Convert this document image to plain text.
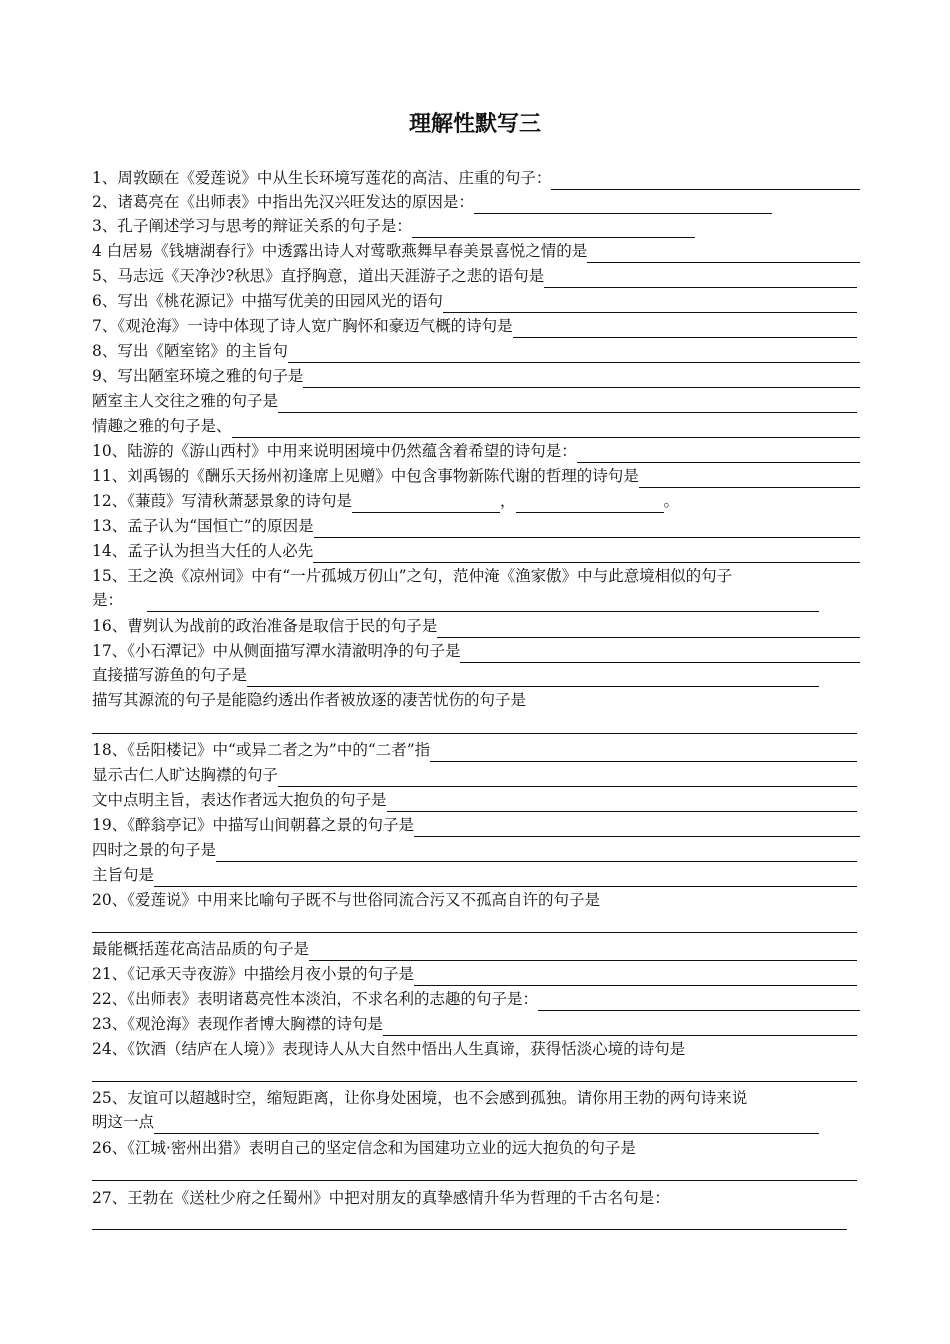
理解性默写三
1、周敦颐在《爱莲说》中从生长环境写莲花的高洁、庄重的句子：
2、诸葛亮在《出师表》中指出先汉兴旺发达的原因是：
3、孔子阐述学习与思考的辩证关系的句子是：
4 白居易《钱塘湖春行》中透露出诗人对莺歌燕舞早春美景喜悦之情的是
5、马志远《天净沙?秋思》直抒胸意，道出天涯游子之悲的语句是
6、写出《桃花源记》中描写优美的田园风光的语句
7、《观沧海》一诗中体现了诗人宽广胸怀和豪迈气概的诗句是
8、写出《陋室铭》的主旨句
9、写出陋室环境之雅的句子是
陋室主人交往之雅的句子是
情趣之雅的句子是、
10、陆游的《游山西村》中用来说明困境中仍然蕴含着希望的诗句是：
11、刘禹锡的《酬乐天扬州初逢席上见赠》中包含事物新陈代谢的哲理的诗句是
12、《蒹葭》写清秋萧瑟景象的诗句是	，	。
13、孟子认为“国恒亡”的原因是
14、孟子认为担当大任的人必先
15、王之涣《凉州词》中有“一片孤城万仞山”之句，范仲淹《渔家傲》中与此意境相似的句子
是：
16、曹刿认为战前的政治准备是取信于民的句子是
17、《小石潭记》中从侧面描写潭水清澈明净的句子是
直接描写游鱼的句子是
描写其源流的句子是能隐约透出作者被放逐的凄苦忧伤的句子是
18、《岳阳楼记》中“或异二者之为”中的“二者”指
显示古仁人旷达胸襟的句子
文中点明主旨，表达作者远大抱负的句子是
19、《醉翁亭记》中描写山间朝暮之景的句子是
四时之景的句子是
主旨句是
20、《爱莲说》中用来比喻句子既不与世俗同流合污又不孤高自许的句子是
最能概括莲花高洁品质的句子是
21、《记承天寺夜游》中描绘月夜小景的句子是
22、《出师表》表明诸葛亮性本淡泊，不求名利的志趣的句子是：
23、《观沧海》表现作者博大胸襟的诗句是
24、《饮酒（结庐在人境）》表现诗人从大自然中悟出人生真谛，获得恬淡心境的诗句是
25、友谊可以超越时空，缩短距离，让你身处困境，也不会感到孤独。请你用王勃的两句诗来说
明这一点
26、《江城·密州出猎》表明自己的坚定信念和为国建功立业的远大抱负的句子是
27、王勃在《送杜少府之任蜀州》中把对朋友的真挚感情升华为哲理的千古名句是：
